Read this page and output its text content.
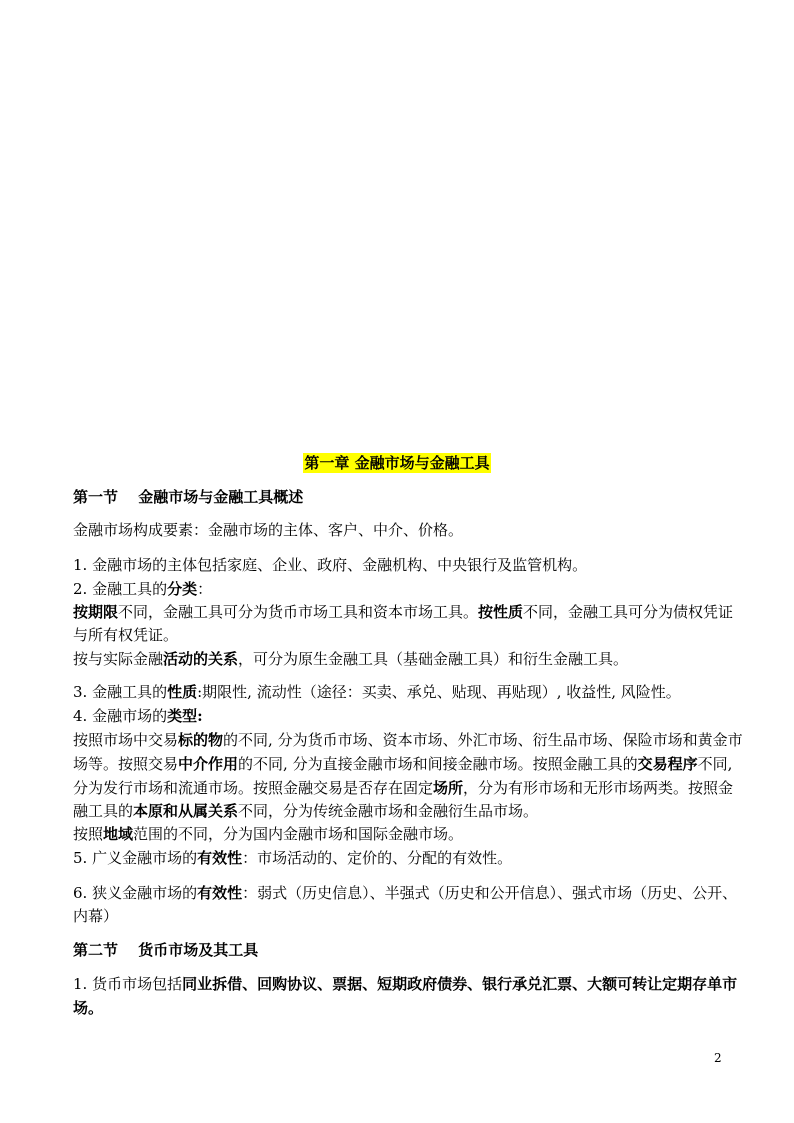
第一章 金融市场与金融工具
第一节　 金融市场与金融工具概述
金融市场构成要素：金融市场的主体、客户、中介、价格。
1. 金融市场的主体包括家庭、企业、政府、金融机构、中央银行及监管机构。
2. 金融工具的分类：
按期限不同，金融工具可分为货币市场工具和资本市场工具。按性质不同，金融工具可分为债权凭证
与所有权凭证。
按与实际金融活动的关系，可分为原生金融工具（基础金融工具）和衍生金融工具。
3. 金融工具的性质:期限性, 流动性（途径：买卖、承兑、贴现、再贴现）, 收益性, 风险性。
4. 金融市场的类型:
按照市场中交易标的物的不同, 分为货币市场、资本市场、外汇市场、衍生品市场、保险市场和黄金市
场等。按照交易中介作用的不同, 分为直接金融市场和间接金融市场。按照金融工具的交易程序不同,
分为发行市场和流通市场。按照金融交易是否存在固定场所，分为有形市场和无形市场两类。按照金
融工具的本原和从属关系不同，分为传统金融市场和金融衍生品市场。
按照地域范围的不同，分为国内金融市场和国际金融市场。
5. 广义金融市场的有效性：市场活动的、定价的、分配的有效性。
6. 狭义金融市场的有效性：弱式（历史信息）、半强式（历史和公开信息）、强式市场（历史、公开、
内幕）
第二节　 货币市场及其工具
1. 货币市场包括同业拆借、回购协议、票据、短期政府债券、银行承兑汇票、大额可转让定期存单市
场。
2
